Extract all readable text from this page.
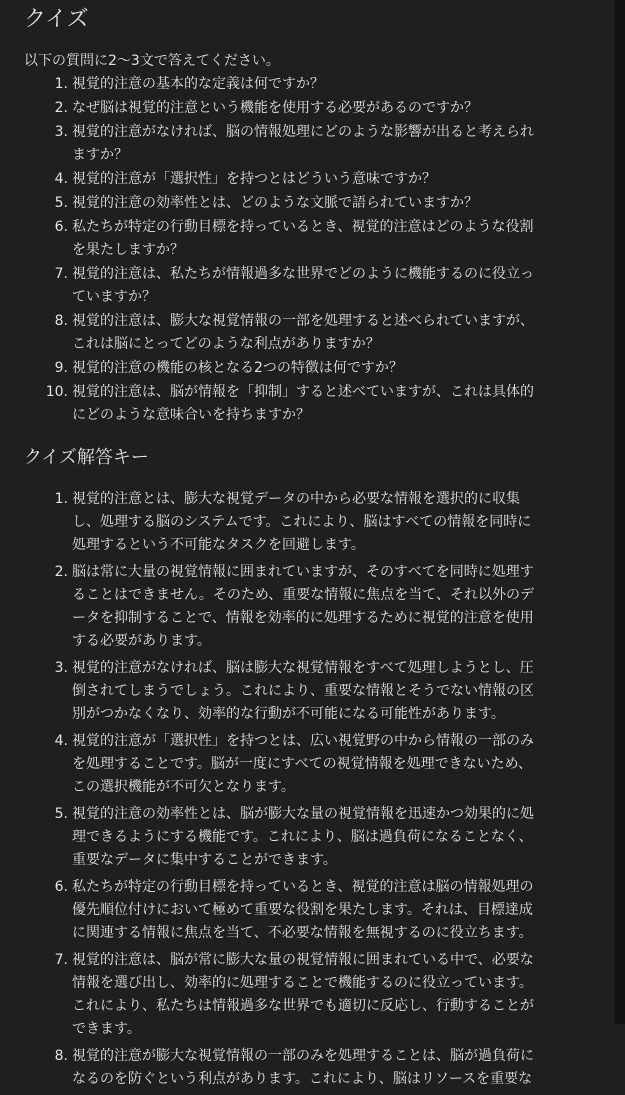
クイズ
以下の質問に2〜3文で答えてください。
1. 視覚的注意の基本的な定義は何ですか？
2. なぜ脳は視覚的注意という機能を使用する必要があるのですか？
3. 視覚的注意がなければ、脳の情報処理にどのような影響が出ると考えられ
ますか？
4. 視覚的注意が「選択性」を持つとはどういう意味ですか？
5. 視覚的注意の効率性とは、どのような文脈で語られていますか？
6. 私たちが特定の行動目標を持っているとき、視覚的注意はどのような役割
を果たしますか？
7. 視覚的注意は、私たちが情報過多な世界でどのように機能するのに役立っ
ていますか？
8. 視覚的注意は、膨大な視覚情報の一部を処理すると述べられていますが、
これは脳にとってどのような利点がありますか？
9. 視覚的注意の機能の核となる2つの特徴は何ですか？
10. 視覚的注意は、脳が情報を「抑制」すると述べていますが、これは具体的
にどのような意味合いを持ちますか？
クイズ解答キー
1. 視覚的注意とは、膨大な視覚データの中から必要な情報を選択的に収集
し、処理する脳のシステムです。これにより、脳はすべての情報を同時に
処理するという不可能なタスクを回避します。
2. 脳は常に大量の視覚情報に囲まれていますが、そのすべてを同時に処理す
ることはできません。そのため、重要な情報に焦点を当て、それ以外のデ
ータを抑制することで、情報を効率的に処理するために視覚的注意を使用
する必要があります。
3. 視覚的注意がなければ、脳は膨大な視覚情報をすべて処理しようとし、圧
倒されてしまうでしょう。これにより、重要な情報とそうでない情報の区
別がつかなくなり、効率的な行動が不可能になる可能性があります。
4. 視覚的注意が「選択性」を持つとは、広い視覚野の中から情報の一部のみ
を処理することです。脳が一度にすべての視覚情報を処理できないため、
この選択機能が不可欠となります。
5. 視覚的注意の効率性とは、脳が膨大な量の視覚情報を迅速かつ効果的に処
理できるようにする機能です。これにより、脳は過負荷になることなく、
重要なデータに集中することができます。
6. 私たちが特定の行動目標を持っているとき、視覚的注意は脳の情報処理の
優先順位付けにおいて極めて重要な役割を果たします。それは、目標達成
に関連する情報に焦点を当て、不必要な情報を無視するのに役立ちます。
7. 視覚的注意は、脳が常に膨大な量の視覚情報に囲まれている中で、必要な
情報を選び出し、効率的に処理することで機能するのに役立っています。
これにより、私たちは情報過多な世界でも適切に反応し、行動することが
できます。
8. 視覚的注意が膨大な視覚情報の一部のみを処理することは、脳が過負荷に
なるのを防ぐという利点があります。これにより、脳はリソースを重要な
